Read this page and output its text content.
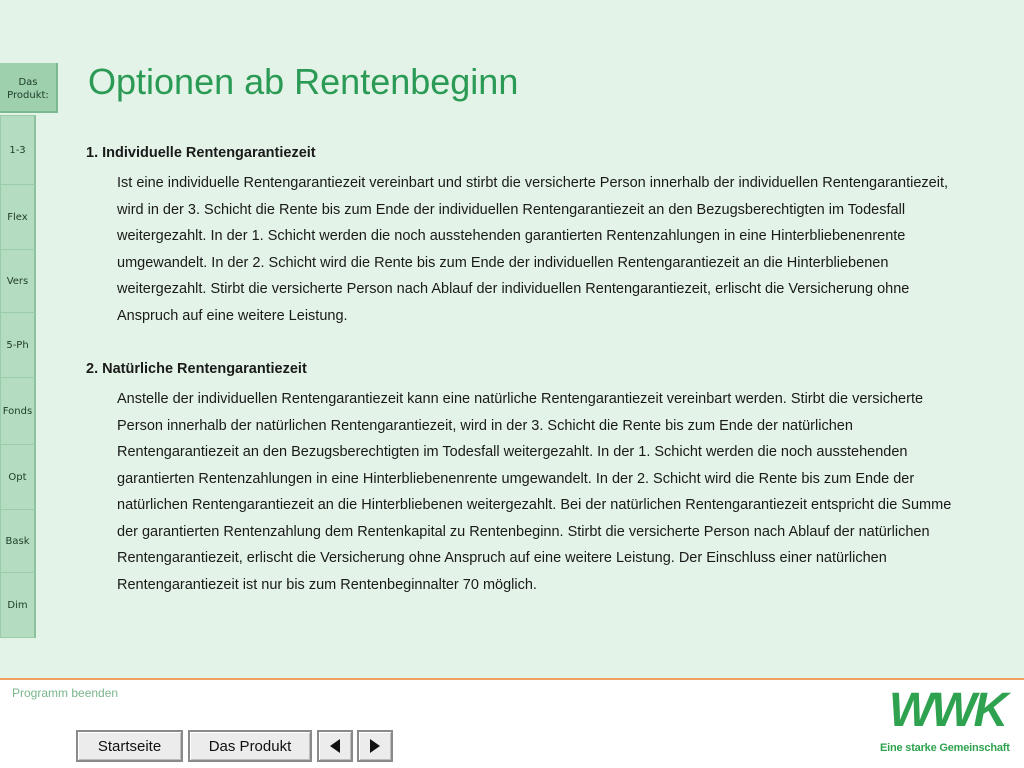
Das Produkt:
1-3
Flex
Vers
5-Ph
Fonds
Opt
Bask
Dim
Optionen ab Rentenbeginn

1. Individuelle Rentengarantiezeit

Ist eine individuelle Rentengarantiezeit vereinbart und stirbt die versicherte Person innerhalb der individuellen Rentengarantiezeit, wird in der 3. Schicht die Rente bis zum Ende der individuellen Rentengarantiezeit an den Bezugsberechtigten im Todesfall weitergezahlt. In der 1. Schicht werden die noch ausstehenden garantierten Rentenzahlungen in eine Hinterbliebenenrente umgewandelt. In der 2. Schicht wird die Rente bis zum Ende der individuellen Rentengarantiezeit an die Hinterbliebenen weitergezahlt. Stirbt die versicherte Person nach Ablauf der individuellen Rentengarantiezeit, erlischt die Versicherung ohne Anspruch auf eine weitere Leistung.

2. Natürliche Rentengarantiezeit

Anstelle der individuellen Rentengarantiezeit kann eine natürliche Rentengarantiezeit vereinbart werden. Stirbt die versicherte Person innerhalb der natürlichen Rentengarantiezeit, wird in der 3. Schicht die Rente bis zum Ende der natürlichen Rentengarantiezeit an den Bezugsberechtigten im Todesfall weitergezahlt. In der 1. Schicht werden die noch ausstehenden garantierten Rentenzahlungen in eine Hinterbliebenenrente umgewandelt. In der 2. Schicht wird die Rente bis zum Ende der natürlichen Rentengarantiezeit an die Hinterbliebenen weitergezahlt. Bei der natürlichen Rentengarantiezeit entspricht die Summe der garantierten Rentenzahlung dem Rentenkapital zu Rentenbeginn. Stirbt die versicherte Person nach Ablauf der natürlichen Rentengarantiezeit, erlischt die Versicherung ohne Anspruch auf eine weitere Leistung. Der Einschluss einer natürlichen Rentengarantiezeit ist nur bis zum Rentenbeginnalter 70 möglich.

Programm beenden
Startseite	Das Produkt
WWK
Eine starke Gemeinschaft
